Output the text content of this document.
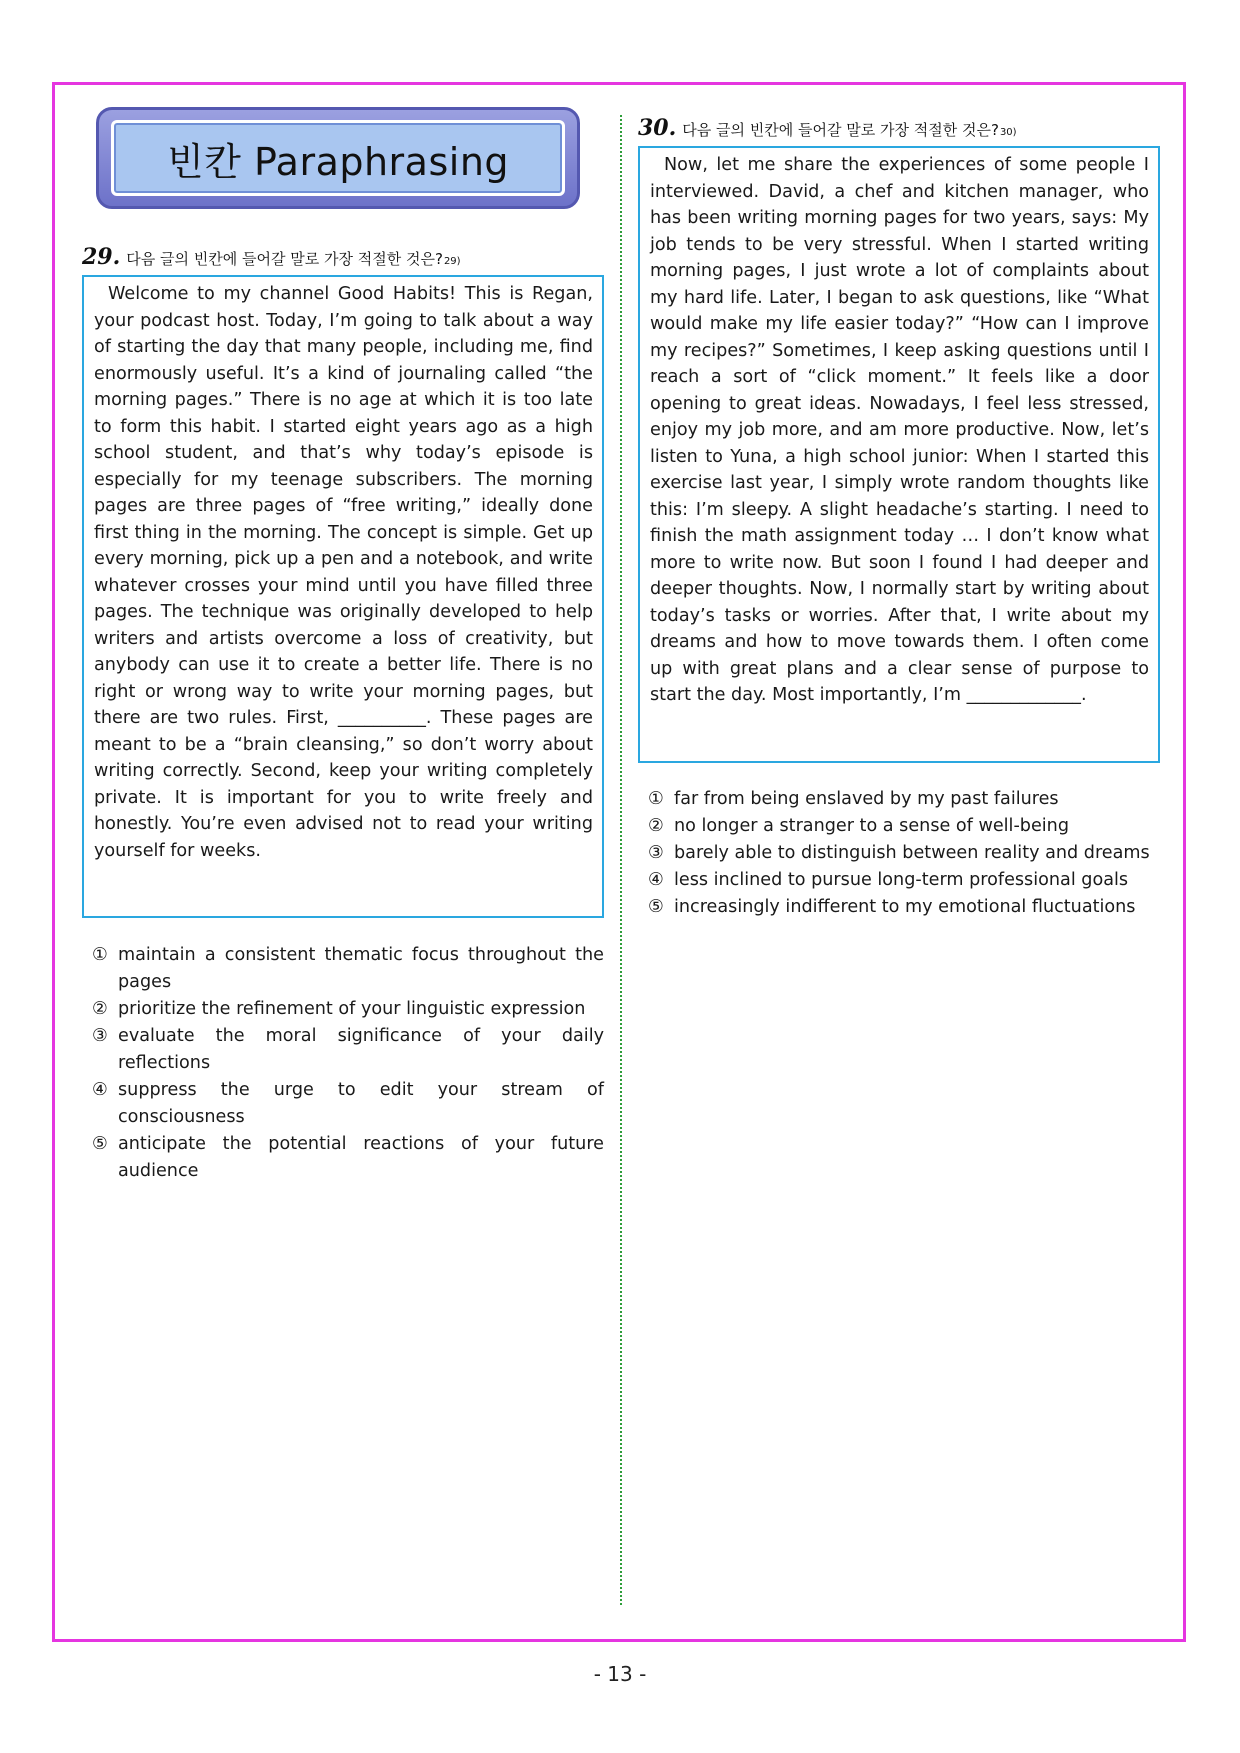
빈칸 Paraphrasing
29. 다음 글의 빈칸에 들어갈 말로 가장 적절한 것은? 29)
Welcome to my channel Good Habits! This is Regan, your podcast host. Today, I’m going to talk about a way of starting the day that many people, including me, find enormously useful. It’s a kind of journaling called “the morning pages.” There is no age at which it is too late to form this habit. I started eight years ago as a high school student, and that’s why today’s episode is especially for my teenage subscribers. The morning pages are three pages of “free writing,” ideally done first thing in the morning. The concept is simple. Get up every morning, pick up a pen and a notebook, and write whatever crosses your mind until you have filled three pages. The technique was originally developed to help writers and artists overcome a loss of creativity, but anybody can use it to create a better life. There is no right or wrong way to write your morning pages, but there are two rules. First, __________. These pages are meant to be a “brain cleansing,” so don’t worry about writing correctly. Second, keep your writing completely private. It is important for you to write freely and honestly. You’re even advised not to read your writing yourself for weeks.
① maintain a consistent thematic focus throughout the pages
② prioritize the refinement of your linguistic expression
③ evaluate the moral significance of your daily reflections
④ suppress the urge to edit your stream of consciousness
⑤ anticipate the potential reactions of your future audience
30. 다음 글의 빈칸에 들어갈 말로 가장 적절한 것은? 30)
Now, let me share the experiences of some people I interviewed. David, a chef and kitchen manager, who has been writing morning pages for two years, says: My job tends to be very stressful. When I started writing morning pages, I just wrote a lot of complaints about my hard life. Later, I began to ask questions, like “What would make my life easier today?” “How can I improve my recipes?” Sometimes, I keep asking questions until I reach a sort of “click moment.” It feels like a door opening to great ideas. Nowadays, I feel less stressed, enjoy my job more, and am more productive. Now, let’s listen to Yuna, a high school junior: When I started this exercise last year, I simply wrote random thoughts like this: I’m sleepy. A slight headache’s starting. I need to finish the math assignment today … I don’t know what more to write now. But soon I found I had deeper and deeper thoughts. Now, I normally start by writing about today’s tasks or worries. After that, I write about my dreams and how to move towards them. I often come up with great plans and a clear sense of purpose to start the day. Most importantly, I’m _____________.
① far from being enslaved by my past failures
② no longer a stranger to a sense of well-being
③ barely able to distinguish between reality and dreams
④ less inclined to pursue long-term professional goals
⑤ increasingly indifferent to my emotional fluctuations
- 13 -
